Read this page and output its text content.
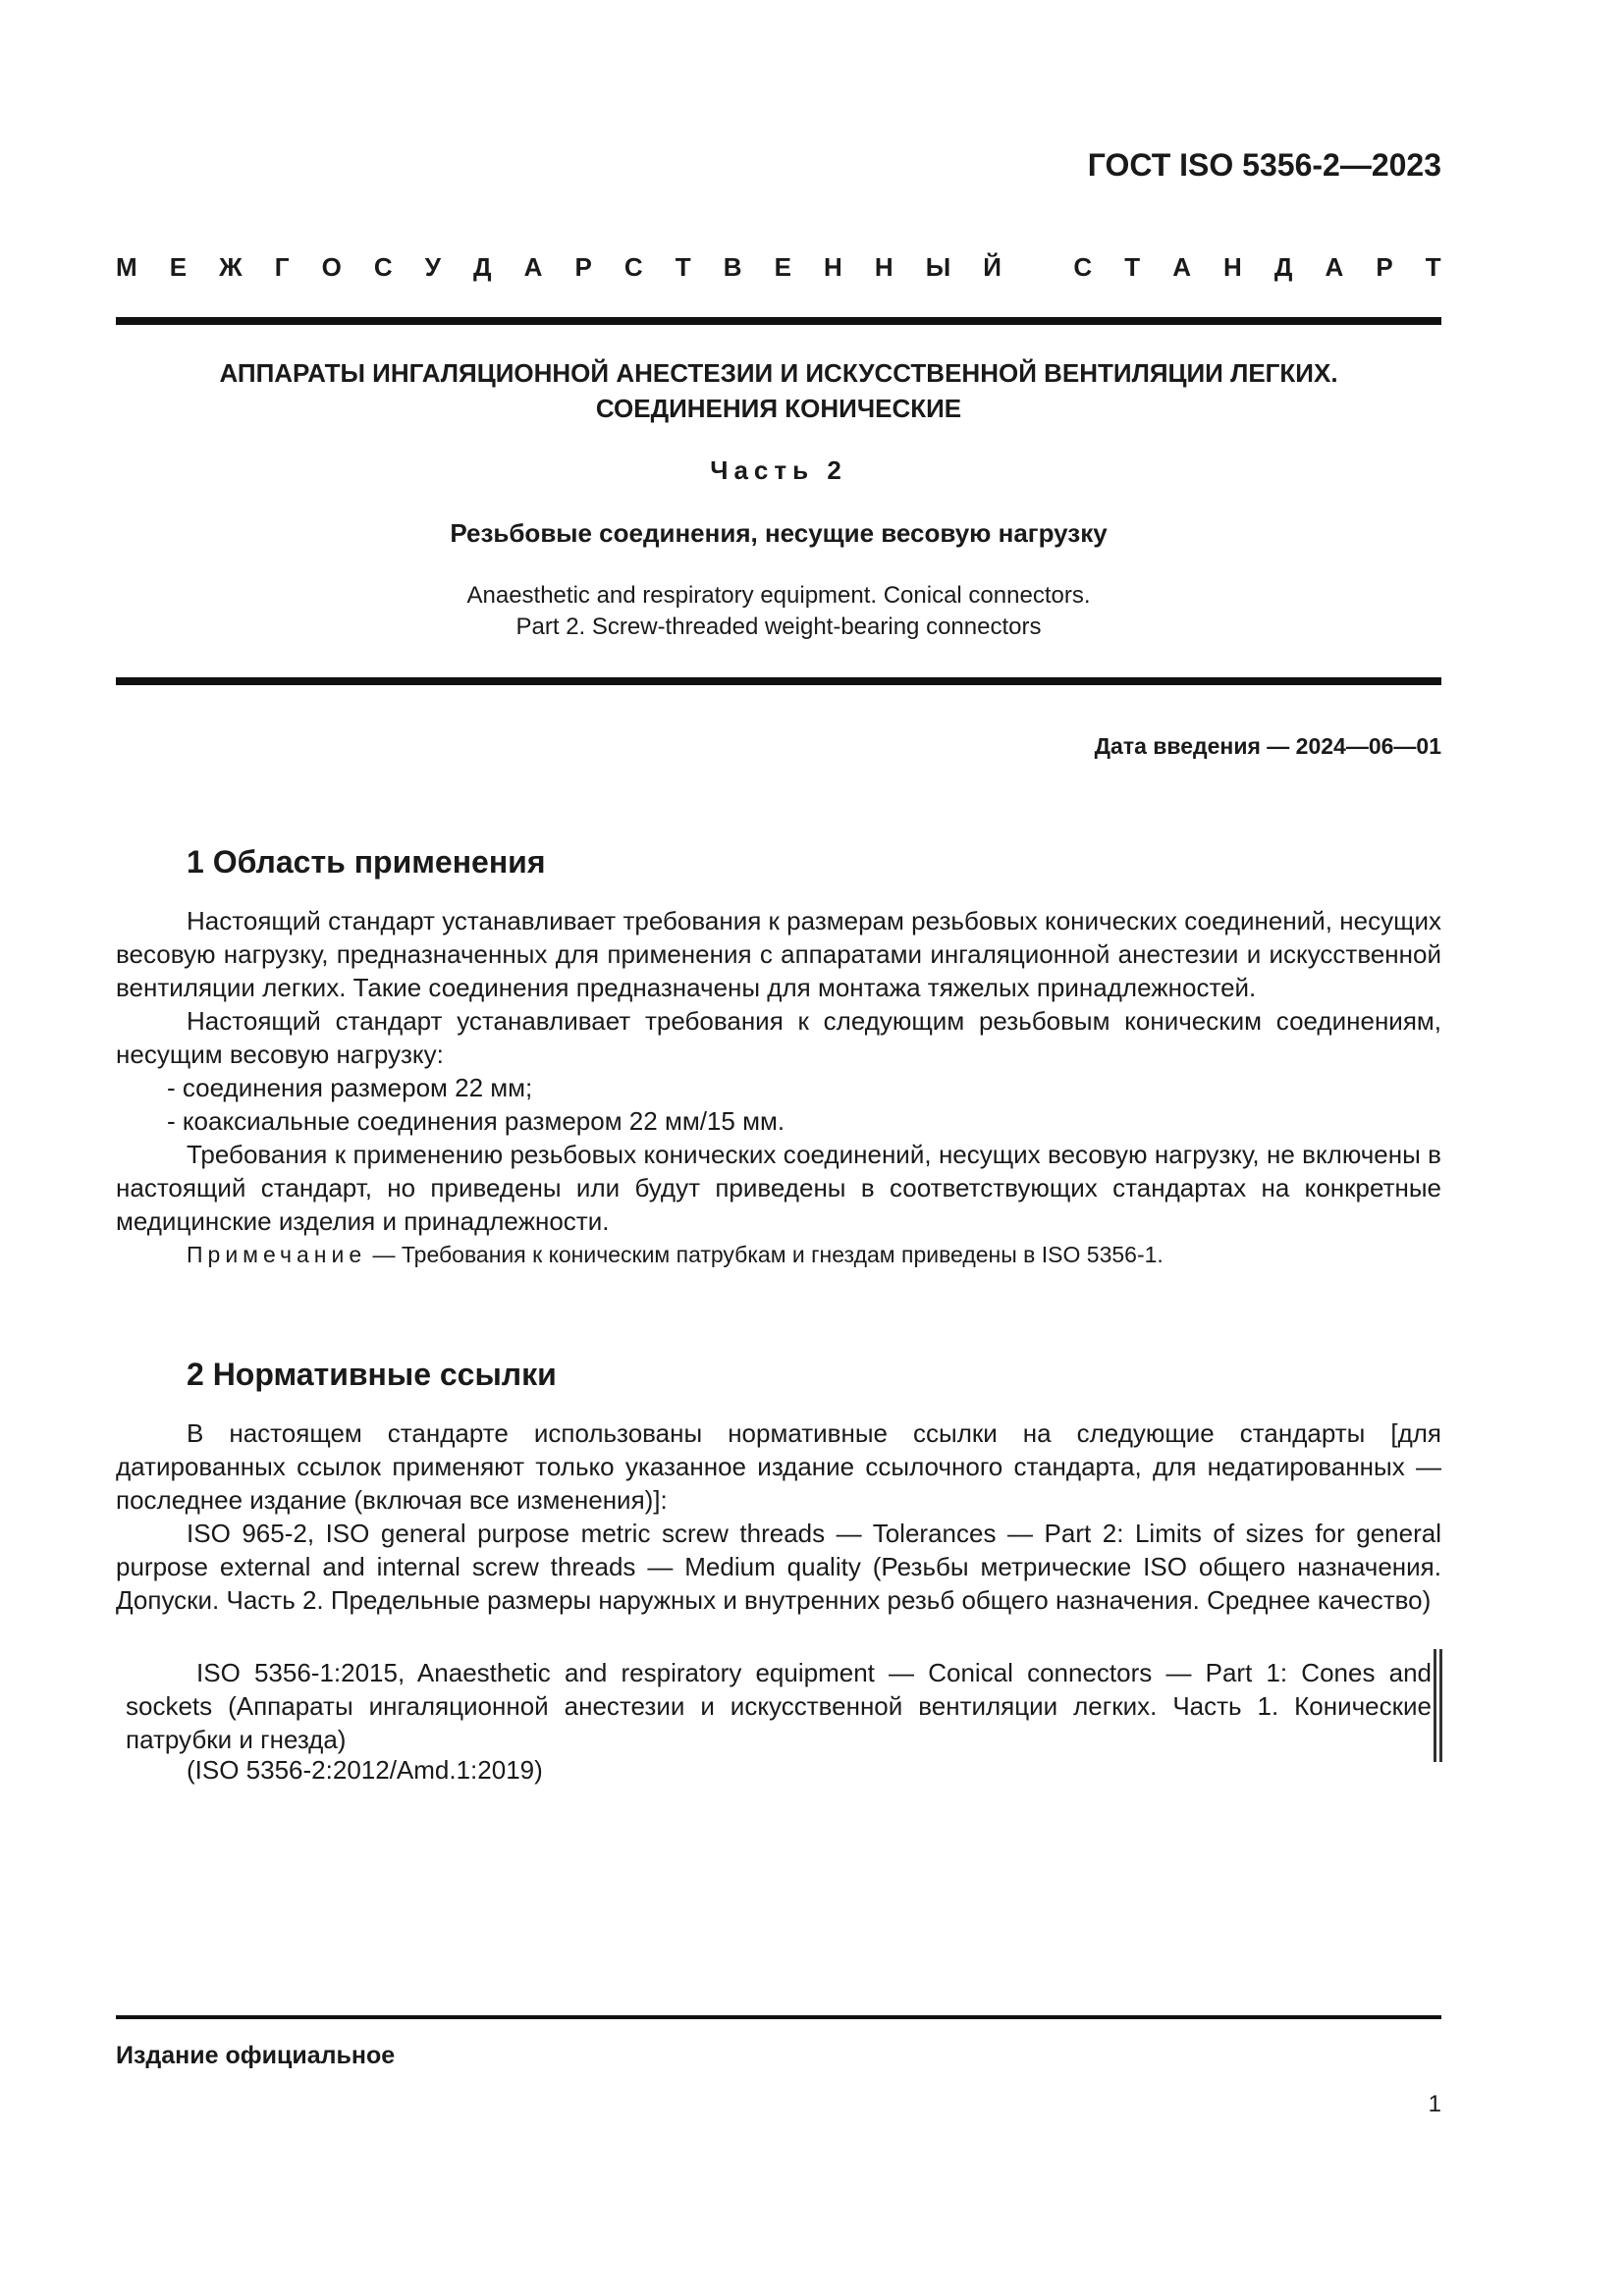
ГОСТ ISO 5356-2—2023
М Е Ж Г О С У Д А Р С Т В Е Н Н Ы Й
	С Т А Н Д А Р Т
АППАРАТЫ ИНГАЛЯЦИОННОЙ АНЕСТЕЗИИ И ИСКУССТВЕННОЙ ВЕНТИЛЯЦИИ ЛЕГКИХ.
СОЕДИНЕНИЯ КОНИЧЕСКИЕ
Часть 2
Резьбовые соединения, несущие весовую нагрузку
Anaesthetic and respiratory equipment. Conical connectors.
Part 2. Screw-threaded weight-bearing connectors
Дата введения — 2024—06—01
1 Область применения

Настоящий стандарт устанавливает требования к размерам резьбовых конических соединений, несущих весовую нагрузку, предназначенных для применения с аппаратами ингаляционной анестезии и искусственной вентиляции легких. Такие соединения предназначены для монтажа тяжелых принадлежностей.

Настоящий стандарт устанавливает требования к следующим резьбовым коническим соединениям, несущим весовую нагрузку:

- соединения размером 22 мм;
- коаксиальные соединения размером 22 мм/15 мм.

Требования к применению резьбовых конических соединений, несущих весовую нагрузку, не включены в настоящий стандарт, но приведены или будут приведены в соответствующих стандартах на конкретные медицинские изделия и принадлежности.

Примечание — Требования к коническим патрубкам и гнездам приведены в ISO 5356-1.

2 Нормативные ссылки

В настоящем стандарте использованы нормативные ссылки на следующие стандарты [для датированных ссылок применяют только указанное издание ссылочного стандарта, для недатированных — последнее издание (включая все изменения)]:

ISO 965-2, ISO general purpose metric screw threads — Tolerances — Part 2: Limits of sizes for general purpose external and internal screw threads — Medium quality (Резьбы метрические ISO общего назначения. Допуски. Часть 2. Предельные размеры наружных и внутренних резьб общего назначения. Среднее качество)

ISO 5356-1:2015, Anaesthetic and respiratory equipment — Conical connectors — Part 1: Cones and sockets (Аппараты ингаляционной анестезии и искусственной вентиляции легких. Часть 1. Конические патрубки и гнезда)

(ISO 5356-2:2012/Amd.1:2019)
Издание официальное
1
